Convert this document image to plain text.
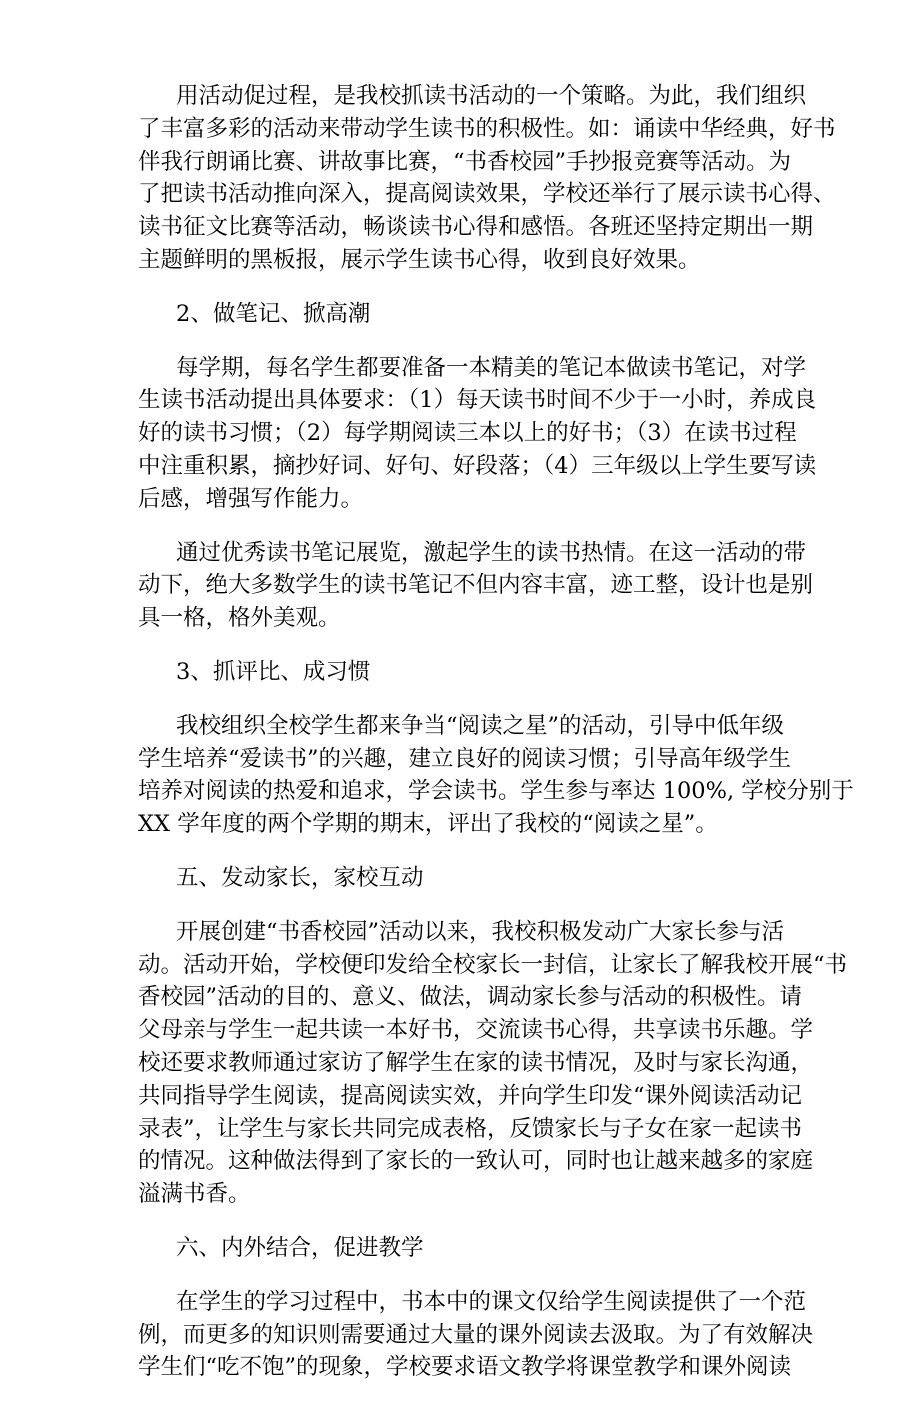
用活动促过程，是我校抓读书活动的一个策略。为此，我们组织
了丰富多彩的活动来带动学生读书的积极性。如：诵读中华经典，好书
伴我行朗诵比赛、讲故事比赛，“书香校园”手抄报竞赛等活动。为
了把读书活动推向深入，提高阅读效果，学校还举行了展示读书心得、
读书征文比赛等活动，畅谈读书心得和感悟。各班还坚持定期出一期
主题鲜明的黑板报，展示学生读书心得，收到良好效果。
2、做笔记、掀高潮
每学期，每名学生都要准备一本精美的笔记本做读书笔记，对学
生读书活动提出具体要求：（1）每天读书时间不少于一小时，养成良
好的读书习惯；（2）每学期阅读三本以上的好书；（3）在读书过程
中注重积累，摘抄好词、好句、好段落；（4）三年级以上学生要写读
后感，增强写作能力。
通过优秀读书笔记展览，激起学生的读书热情。在这一活动的带
动下，绝大多数学生的读书笔记不但内容丰富，迹工整，设计也是别
具一格，格外美观。
3、抓评比、成习惯
我校组织全校学生都来争当“阅读之星”的活动，引导中低年级
学生培养“爱读书”的兴趣，建立良好的阅读习惯；引导高年级学生
培养对阅读的热爱和追求，学会读书。学生参与率达 100%, 学校分别于
XX 学年度的两个学期的期末，评出了我校的“阅读之星”。
五、发动家长，家校互动
开展创建“书香校园”活动以来，我校积极发动广大家长参与活
动。活动开始，学校便印发给全校家长一封信，让家长了解我校开展“书
香校园”活动的目的、意义、做法，调动家长参与活动的积极性。请
父母亲与学生一起共读一本好书，交流读书心得，共享读书乐趣。学
校还要求教师通过家访了解学生在家的读书情况，及时与家长沟通，
共同指导学生阅读，提高阅读实效，并向学生印发“课外阅读活动记
录表”，让学生与家长共同完成表格，反馈家长与子女在家一起读书
的情况。这种做法得到了家长的一致认可，同时也让越来越多的家庭
溢满书香。
六、内外结合，促进教学
在学生的学习过程中，书本中的课文仅给学生阅读提供了一个范
例，而更多的知识则需要通过大量的课外阅读去汲取。为了有效解决
学生们“吃不饱”的现象，学校要求语文教学将课堂教学和课外阅读
